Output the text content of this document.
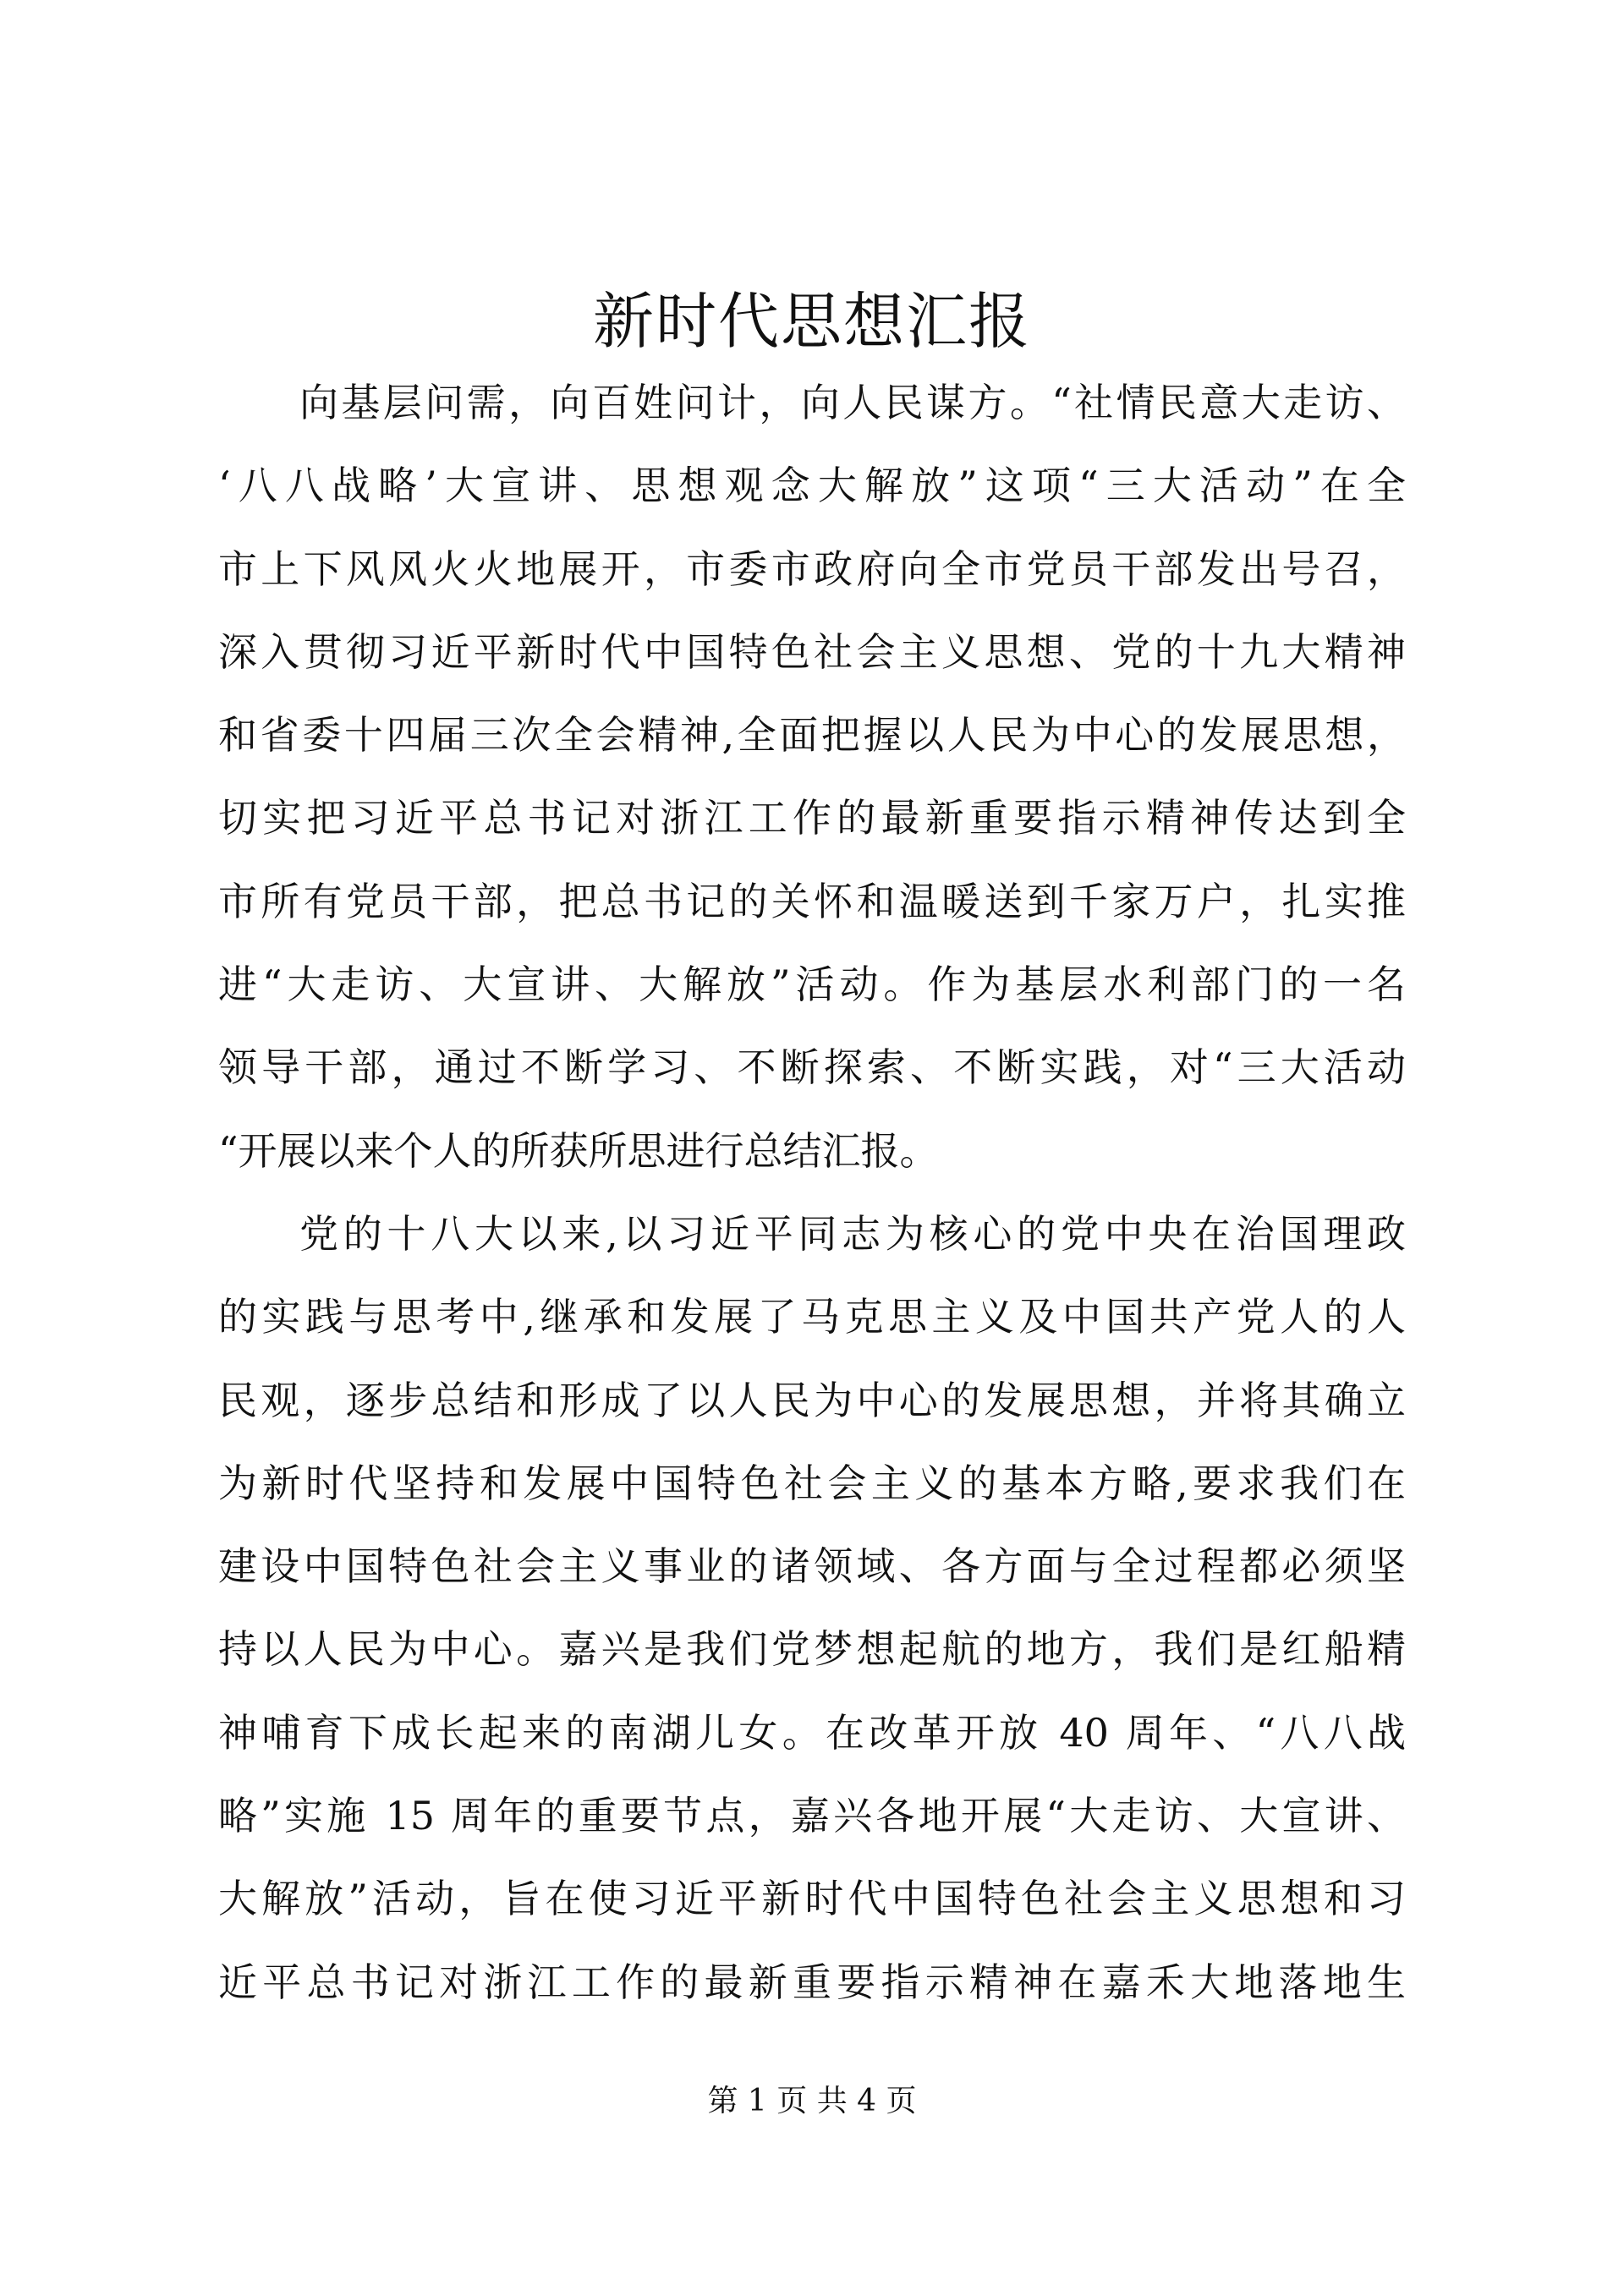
新时代思想汇报

向基层问需，向百姓问计，向人民谋方。“社情民意大走访、
‘八八战略’大宣讲、思想观念大解放”这项“三大活动”在全
市上下风风火火地展开，市委市政府向全市党员干部发出号召，
深入贯彻习近平新时代中国特色社会主义思想、党的十九大精神
和省委十四届三次全会精神,全面把握以人民为中心的发展思想，
切实把习近平总书记对浙江工作的最新重要指示精神传达到全
市所有党员干部，把总书记的关怀和温暖送到千家万户，扎实推
进“大走访、大宣讲、大解放”活动。作为基层水利部门的一名
领导干部，通过不断学习、不断探索、不断实践，对“三大活动
“开展以来个人的所获所思进行总结汇报。

党的十八大以来,以习近平同志为核心的党中央在治国理政
的实践与思考中,继承和发展了马克思主义及中国共产党人的人
民观，逐步总结和形成了以人民为中心的发展思想，并将其确立
为新时代坚持和发展中国特色社会主义的基本方略,要求我们在
建设中国特色社会主义事业的诸领域、各方面与全过程都必须坚
持以人民为中心。嘉兴是我们党梦想起航的地方，我们是红船精
神哺育下成长起来的南湖儿女。在改革开放 40 周年、“八八战
略”实施 15 周年的重要节点，嘉兴各地开展“大走访、大宣讲、
大解放”活动，旨在使习近平新时代中国特色社会主义思想和习
近平总书记对浙江工作的最新重要指示精神在嘉禾大地落地生

第 1 页 共 4 页
